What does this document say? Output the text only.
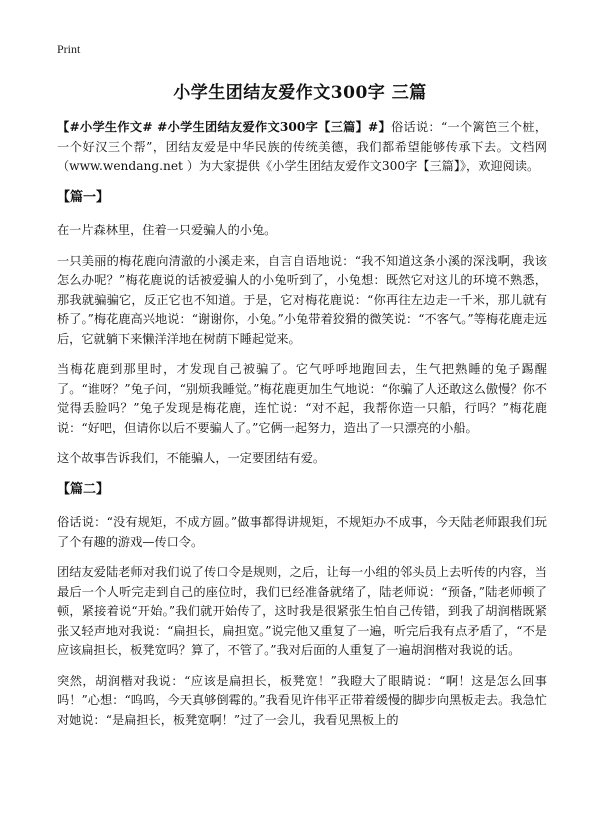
Print
小学生团结友爱作文300字 三篇

【#小学生作文# #小学生团结友爱作文300字【三篇】#】俗话说：“一个篱笆三个桩，一个好汉三个帮”，团结友爱是中华民族的传统美德，我们都希望能够传承下去。文档网（www.wendang.net ）为大家提供《小学生团结友爱作文300字【三篇】》，欢迎阅读。

【篇一】

在一片森林里，住着一只爱骗人的小兔。

一只美丽的梅花鹿向清澈的小溪走来，自言自语地说：“我不知道这条小溪的深浅啊，我该怎么办呢？”梅花鹿说的话被爱骗人的小兔听到了，小兔想：既然它对这儿的环境不熟悉，那我就骗骗它，反正它也不知道。于是，它对梅花鹿说：“你再往左边走一千米，那儿就有桥了。”梅花鹿高兴地说：“谢谢你，小兔。”小兔带着狡猾的微笑说：“不客气。”等梅花鹿走远后，它就躺下来懒洋洋地在树荫下睡起觉来。

当梅花鹿到那里时，才发现自己被骗了。它气呼呼地跑回去，生气把熟睡的兔子踢醒了。“谁呀？”兔子问，“别烦我睡觉。”梅花鹿更加生气地说：“你骗了人还敢这么傲慢？你不觉得丢脸吗？”兔子发现是梅花鹿，连忙说：“对不起，我帮你造一只船，行吗？”梅花鹿说：“好吧，但请你以后不要骗人了。”它俩一起努力，造出了一只漂亮的小船。

这个故事告诉我们，不能骗人，一定要团结有爱。

【篇二】

俗话说：“没有规矩，不成方圆。”做事都得讲规矩，不规矩办不成事，今天陆老师跟我们玩了个有趣的游戏—传口令。

团结友爱陆老师对我们说了传口令是规则，之后，让每一小组的邻头员上去听传的内容，当最后一个人听完走到自己的座位时，我们已经准备就绪了，陆老师说：“预备，”陆老师顿了顿，紧接着说“开始。”我们就开始传了，这时我是很紧张生怕自己传错，到我了胡润楷既紧张又轻声地对我说：“扁担长，扁担宽。”说完他又重复了一遍，听完后我有点矛盾了，“不是应该扁担长，板凳宽吗？算了，不管了。”我对后面的人重复了一遍胡润楷对我说的话。

突然，胡润楷对我说：“应该是扁担长，板凳宽！”我瞪大了眼睛说：“啊！这是怎么回事吗！”心想：“呜呜，今天真够倒霉的。”我看见许伟平正带着缓慢的脚步向黑板走去。我急忙对她说：“是扁担长，板凳宽啊！”过了一会儿，我看见黑板上的
